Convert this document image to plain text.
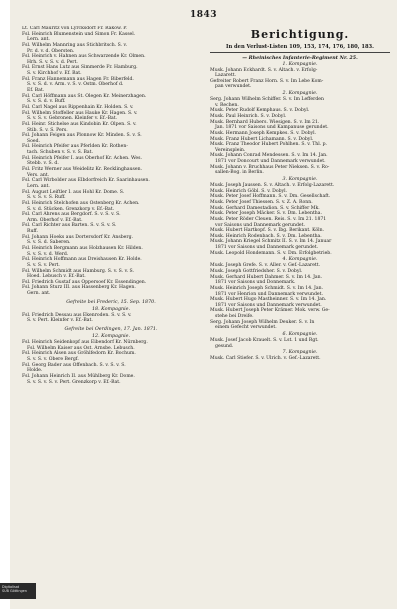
1843
Lt. Carl Mauritz von Lyrcksdorf Fr. Rakow. P.
Fsl. Heinrich Blumenstein und Simon Fr. Kassel.
Lern. ant.
Fsl. Wilhelm Mannring aus Stichbritsch. S. v.
Pr. d. v. d. Obersten.
Fsl. Heinrich v. Hahnen aus Schwarzende Kr. Olmen.
Hrh. S. v. S. v. d. Pert.
Fsl. Ernst Hans Lutz aus Simmerde Fr. Hamburg.
S. v. Kirchhof v. Ef. Bat.
Fsl. Franz Hannemann aus Hagen Fr. Biberfeld.
S. v. S. d. v. Arm. v. S. v. Ostm. Oberhof d.
Ef. Bat.
Fsl. Carl Höffmann aus St. Olegen Kr. Meinerzhagen.
S. v. S. d. v. Buff.
Fsl. Carl Nagel aus Rippenhain Kr. Holden. S. v.
Fsl. Wilhelm Stoffeller aus Hauke Kr. Hagen. S. v.
S. v. S. v. Gebronen. Kleinfer v. Ef.-Bat.
Fsl. Heinr. Stichelse aus Kindobin Kr. Olpen. S. v.
Stib. S. v. S. Pers.
Fsl. Johann Feigen aus Plonnow Kr. Minden. S. v. S.
Soed.
Fsl. Heinrich Pfeifer aus Pferlden Kr. Rothen-
tach. Schuben v. S. v. S. Bat.
Fsl. Heinrich Pfeifer I. aus Oberhof Kr. Achen. Wes.
Stebb. v. S. d.
Fsl. Fritz Werner aus Weidelitz Kr. Recklinghausen.
Vers. ant.
Fsl. Carl Wirbolder aus Elbdorfreich Kr. Saarinhausen.
Lern. ant.
Fsl. August Leiftler I. aus Hohl Kr. Dome. S.
S. v. S. v. S. Ruff.
Fsl. Heinrich Stelchofen aus Ostenberg Kr. Achen.
S. v. d. Stücken. Grenzkorp v. Ef.-Bat.
Fsl. Carl Ahrens aus Bergdorf. S. v. S. v. S.
Arm. Oberhof v. Ef.-Bat.
Fsl. Carl Richter aus Barten. S. v. S. v. S.
Ruff.
Fsl. Johann Hoeks aus Dortersdorf Kr. Ansberg.
S. v. S. d. Saberen.
Fsl. Heinrich Bergmann aus Holzhausen Kr. Hilden.
S. v. S. v. d. Werd.
Fsl. Heinrich Hoffmann aus Dreishausen Kr. Holde.
S. v. S. v. Pert.
Fsl. Wilhelm Schmidt aus Hamburg. S. v. S. v. S.
Hoed. Lebusch v. Ef.-Bat.
Fsl. Friedrich Gustaf aus Oppersoef Kr. Essendingen.
Fsl. Johann Sturz III. aus Hassenberg Kr. Hagen.
Gern. ant.
Gefreite bei Frederic, 15. Sep. 1870.
18. Kompagnie.
Fsl. Friedrich Dessau aus Ekenroden. S. v. S. v.
S. v. Pert. Kleinfer v. Ef.-Bat.
Gefreite bei Oerdingen, 17. Jan. 1871.
12. Kompagnie.
Fsl. Heinrich Seidenkopf aus Eibendorf Kr. Nürnberg.
Fsl. Wilhelm Kaiser aus Ost. Arnsbe. Lebusch.
Fsl. Heinrich Alsen aus Gröhlfedorn Kr. Bochum.
S. v. S. v. Obere Bergf.
Fsl. Georg Bader aus Offenbach. S. v. S. v. S.
Holde.
Fsl. Johann Heinrich II. aus Mühlberg Kr. Dome.
S. v. S. v. S. v. Pert. Grenzkorp v. Ef.-Bat.
Berichtigung.
In den Verlust-Listen 109, 153, 174, 176, 180, 183.
— Rheinisches Infanterie-Regiment Nr. 25.
1. Kompagnie.
Musk. Johann Eckhardt. S. v. Altach. v. Erfolg-
Lazarett.
Gefreiter Robert Franz Horn. S. v. Im Lebe Kom-
pan verwundet.
2. Kompagnie.
Serg. Johann Wilhelm Schiffer. S. v. Im Lefferden
v. Rechen.
Musk. Peter Rudolf Kemphaus. S. v. Dobyl.
Musk. Paul Heinrich. S. v. Dobyl.
Musk. Bernhard Hubers. Wiesigen. S. v. Im 21.
Jan. 1871 vor Saisons und Kampanuse gerundet.
Musk. Hermann Joseph Kempkes. S. v. Dobyl.
Musk. Franz Hubert Lichamann. S. v. Dobyl.
Musk. Franz Theodor Hubert Pohlhen. S. v. Thl. p.
Vereinsplein.
Musk. Johann Conrad Mendessen. S. v. Im 14. Jan.
1871 vor Doncourt und Dannemark verwundet.
Musk. Johann v. Bruchhaus Peter Nieksen. S. v. Ro-
sallen-Bog. in Berlin.
3. Kompagnie.
Musk. Joseph Jaussen. S. v. Altach. v. Erfolg-Lazarett.
Musk. Heinrich Göbl. S. v. Dobyl.
Musk. Peter Josef Hoffmann. S. v. Dm. Gesellschaft.
Musk. Peter Josef Thiessen. S. v. Z. A. Ronn.
Musk. Gerhard Damestadion. S. v. Schiffer Mk.
Musk. Peter Joseph Mäcker. S. v. Dm. Lebentha.
Musk. Peter Röder Cleuen. Reis. S. v. Im 21. 1871
vor Saisons und Dannemark gerundet.
Musk. Hubert Hartkopf. S. v. Ibg. Berikant. Köln.
Musk. Heinrich Rodenbach. S. v. Dm. Lebentha.
Musk. Johann Kriegel Schmitz II. S. v. Im 14. Januar
1871 vor Saisons und Dannemark gerundet.
Musk. Leopold Hondemann. S. v. Dm. Erfolgbetrieb.
4. Kompagnie.
Musk. Joseph Grefe. S. v. Aller. v. Gef.-Lazarett.
Musk. Joseph Gottfriedsher. S. v. Dobyl.
Musk. Gerhard Hubert Dahmer. S. v. Im 14. Jan.
1871 vor Saisons und Donnemark.
Musk. Heinrich Joseph Schmidt. S. v. Im 14. Jan.
1871 vor Henrion und Dannemark verwundet.
Musk. Hubert Hugo Mastheinner. S. v. Im 14. Jan.
1871 vor Saisons und Dannemark verwundet.
Musk. Hubert Joseph Peter Krämer. Mok. verw. Ge-
stehe bei Dreife.
Serg. Johann Joseph Wilhelm Deuker. S. v. In
einem Gefecht verwundet.
6. Kompagnie.
Musk. Josef Jacob Krauelt. S. v. Lst. 1 und Rgt.
gesund.
7. Kompagnie.
Musk. Carl Stiefer. S. v. Ulrich. v. Gef.-Lazarett.
Digitalisat
SUB Göttingen
